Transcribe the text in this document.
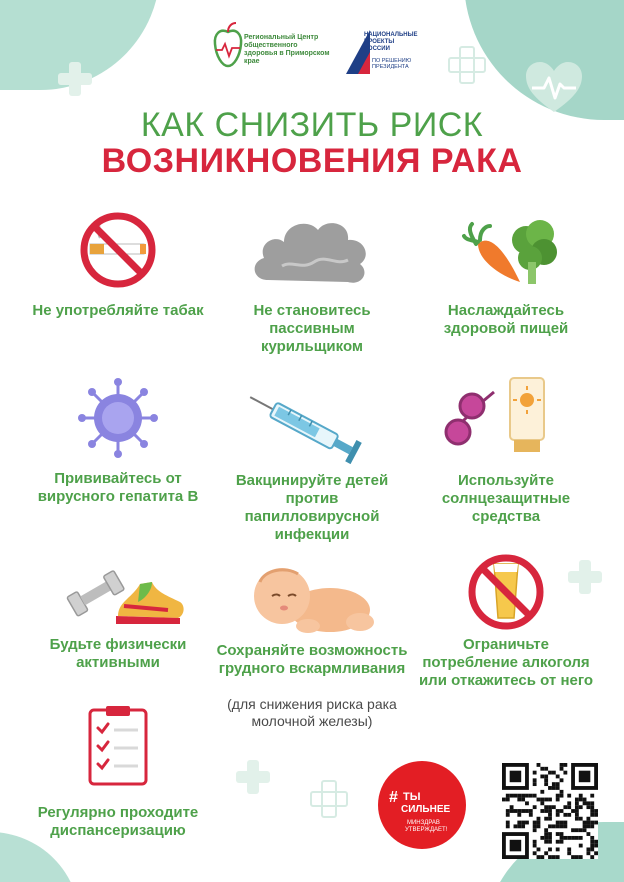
Региональный Центр общественного здоровья в Приморском крае
НАЦИОНАЛЬНЫЕ ПРОЕКТЫ РОССИИ
ПО РЕШЕНИЮ ПРЕЗИДЕНТА
КАК СНИЗИТЬ РИСК
ВОЗНИКНОВЕНИЯ РАКА
Не употребляйте табак	Не становитесь пассивным курильщиком
Наслаждайтесь здоровой пищей
Прививайтесь от вирусного гепатита В
Вакцинируйте детей против папилловирусной инфекции
Используйте солнцезащитные средства
Будьте физически активными
Сохраняйте возможность грудного вскармливания
(для снижения риска рака молочной железы)
Ограничьте потребление алкоголя или откажитесь от него
Регулярно проходите диспансеризацию
# ТЫ
СИЛЬНЕЕ
МИНЗДРАВ
УТВЕРЖДАЕТ!
